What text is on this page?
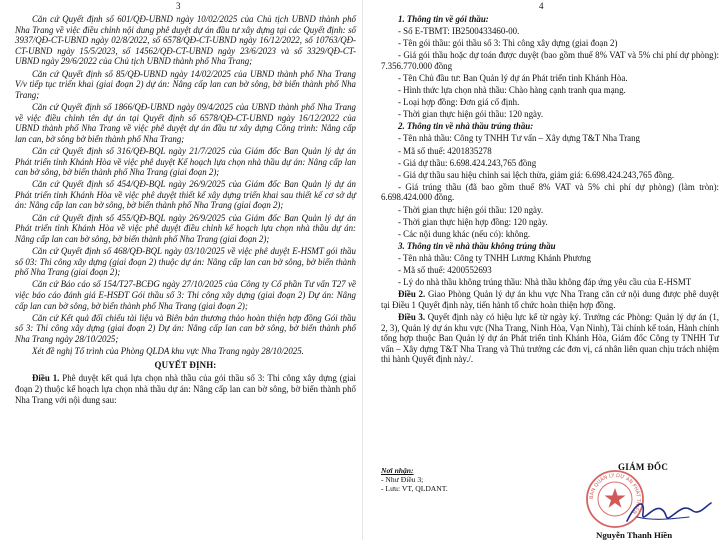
3

Căn cứ Quyết định số 601/QĐ-UBND ngày 10/02/2025 của Chủ tịch UBND thành phố Nha Trang về việc điều chỉnh nội dung phê duyệt dự án đầu tư xây dựng tại các Quyết định: số 3937/QĐ-CT-UBND ngày 02/8/2022, số 6578/QĐ-CT-UBND ngày 16/12/2022, số 10763/QĐ-CT-UBND ngày 15/5/2023, số 14562/QĐ-CT-UBND ngày 23/6/2023 và số 3329/QĐ-CT-UBND ngày 29/6/2022 của Chủ tịch UBND thành phố Nha Trang;

Căn cứ Quyết định số 85/QĐ-UBND ngày 14/02/2025 của UBND thành phố Nha Trang V/v tiếp tục triển khai (giai đoạn 2) dự án: Nâng cấp lan can bờ sông, bờ biển thành phố Nha Trang;

Căn cứ Quyết định số 1866/QĐ-UBND ngày 09/4/2025 của UBND thành phố Nha Trang về việc điều chỉnh tên dự án tại Quyết định số 6578/QĐ-CT-UBND ngày 16/12/2022 của UBND thành phố Nha Trang về việc phê duyệt dự án đầu tư xây dựng Công trình: Nâng cấp lan can, bờ sông bờ biển thành phố Nha Trang;

Căn cứ Quyết định số 316/QĐ-BQL ngày 21/7/2025 của Giám đốc Ban Quản lý dự án Phát triển tỉnh Khánh Hòa về việc phê duyệt Kế hoạch lựa chọn nhà thầu dự án: Nâng cấp lan can bờ sông, bờ biển thành phố Nha Trang (giai đoạn 2);

Căn cứ Quyết định số 454/QĐ-BQL ngày 26/9/2025 của Giám đốc Ban Quản lý dự án Phát triển tỉnh Khánh Hòa về việc phê duyệt thiết kế xây dựng triển khai sau thiết kế cơ sở dự án: Nâng cấp lan can bờ sông, bờ biển thành phố Nha Trang (giai đoạn 2);

Căn cứ Quyết định số 455/QĐ-BQL ngày 26/9/2025 của Giám đốc Ban Quản lý dự án Phát triển tỉnh Khánh Hòa về việc phê duyệt điều chỉnh kế hoạch lựa chọn nhà thầu dự án: Nâng cấp lan can bờ sông, bờ biển thành phố Nha Trang (giai đoạn 2);

Căn cứ Quyết định số 468/QĐ-BQL ngày 03/10/2025 về việc phê duyệt E-HSMT gói thầu số 03: Thi công xây dựng (giai đoạn 2) thuộc dự án: Nâng cấp lan can bờ sông, bờ biển thành phố Nha Trang (giai đoạn 2);

Căn cứ Báo cáo số 154/T27-BCĐG ngày 27/10/2025 của Công ty Cổ phần Tư vấn T27 về việc báo cáo đánh giá E-HSĐT Gói thầu số 3: Thi công xây dựng (giai đoạn 2) Dự án: Nâng cấp lan can bờ sông, bờ biển thành phố Nha Trang (giai đoạn 2);

Căn cứ Kết quả đối chiếu tài liệu và Biên bản thương thảo hoàn thiện hợp đồng Gói thầu số 3: Thi công xây dựng (giai đoạn 2) Dự án: Nâng cấp lan can bờ sông, bờ biển thành phố Nha Trang ngày 28/10/2025;

Xét đề nghị Tổ trình của Phòng QLDA khu vực Nha Trang ngày 28/10/2025.

QUYẾT ĐỊNH:

Điều 1. Phê duyệt kết quả lựa chọn nhà thầu của gói thầu số 3: Thi công xây dựng (giai đoạn 2) thuộc kế hoạch lựa chọn nhà thầu dự án: Nâng cấp lan can bờ sông, bờ biển thành phố Nha Trang với nội dung sau:

4

1. Thông tin về gói thầu:

- Số E-TBMT: IB2500433460-00.

- Tên gói thầu: gói thầu số 3: Thi công xây dựng (giai đoạn 2)

- Giá gói thầu hoặc dự toán được duyệt (bao gồm thuế 8% VAT và 5% chi phí dự phòng): 7.356.770.000 đồng

- Tên Chủ đầu tư: Ban Quản lý dự án Phát triển tỉnh Khánh Hòa.

- Hình thức lựa chọn nhà thầu: Chào hàng cạnh tranh qua mạng.

- Loại hợp đồng: Đơn giá cố định.

- Thời gian thực hiện gói thầu: 120 ngày.

2. Thông tin về nhà thầu trúng thầu:

- Tên nhà thầu: Công ty TNHH Tư vấn – Xây dựng T&T Nha Trang

- Mã số thuế: 4201835278

- Giá dự thầu: 6.698.424.243,765 đồng

- Giá dự thầu sau hiệu chỉnh sai lệch thừa, giảm giá: 6.698.424.243,765 đồng.

- Giá trúng thầu (đã bao gồm thuế 8% VAT và 5% chi phí dự phòng) (làm tròn): 6.698.424.000 đồng.

- Thời gian thực hiện gói thầu: 120 ngày.

- Thời gian thực hiện hợp đồng: 120 ngày.

- Các nội dung khác (nếu có): không.

3. Thông tin về nhà thầu không trúng thầu

- Tên nhà thầu: Công ty TNHH Lương Khánh Phương

- Mã số thuế: 4200552693

- Lý do nhà thầu không trúng thầu: Nhà thầu không đáp ứng yêu cầu của E-HSMT

Điều 2. Giao Phòng Quản lý dự án khu vực Nha Trang căn cứ nội dung được phê duyệt tại Điều 1 Quyết định này, tiến hành tổ chức hoàn thiện hợp đồng.

Điều 3. Quyết định này có hiệu lực kể từ ngày ký. Trưởng các Phòng: Quản lý dự án (1, 2, 3), Quản lý dự án khu vực (Nha Trang, Ninh Hòa, Vạn Ninh), Tài chính kế toán, Hành chính tổng hợp thuộc Ban Quản lý dự án Phát triển tỉnh Khánh Hòa, Giám đốc Công ty TNHH Tư vấn – Xây dựng T&T Nha Trang và Thủ trưởng các đơn vị, cá nhân liên quan chịu trách nhiệm thi hành Quyết định này./.

Nơi nhận:
- Như Điều 3;
- Lưu: VT, QLDANT.
BAN QUẢN LÝ DỰ ÁN PHÁT TRIỂN
GIÁM ĐỐC
Nguyễn Thanh Hiền
